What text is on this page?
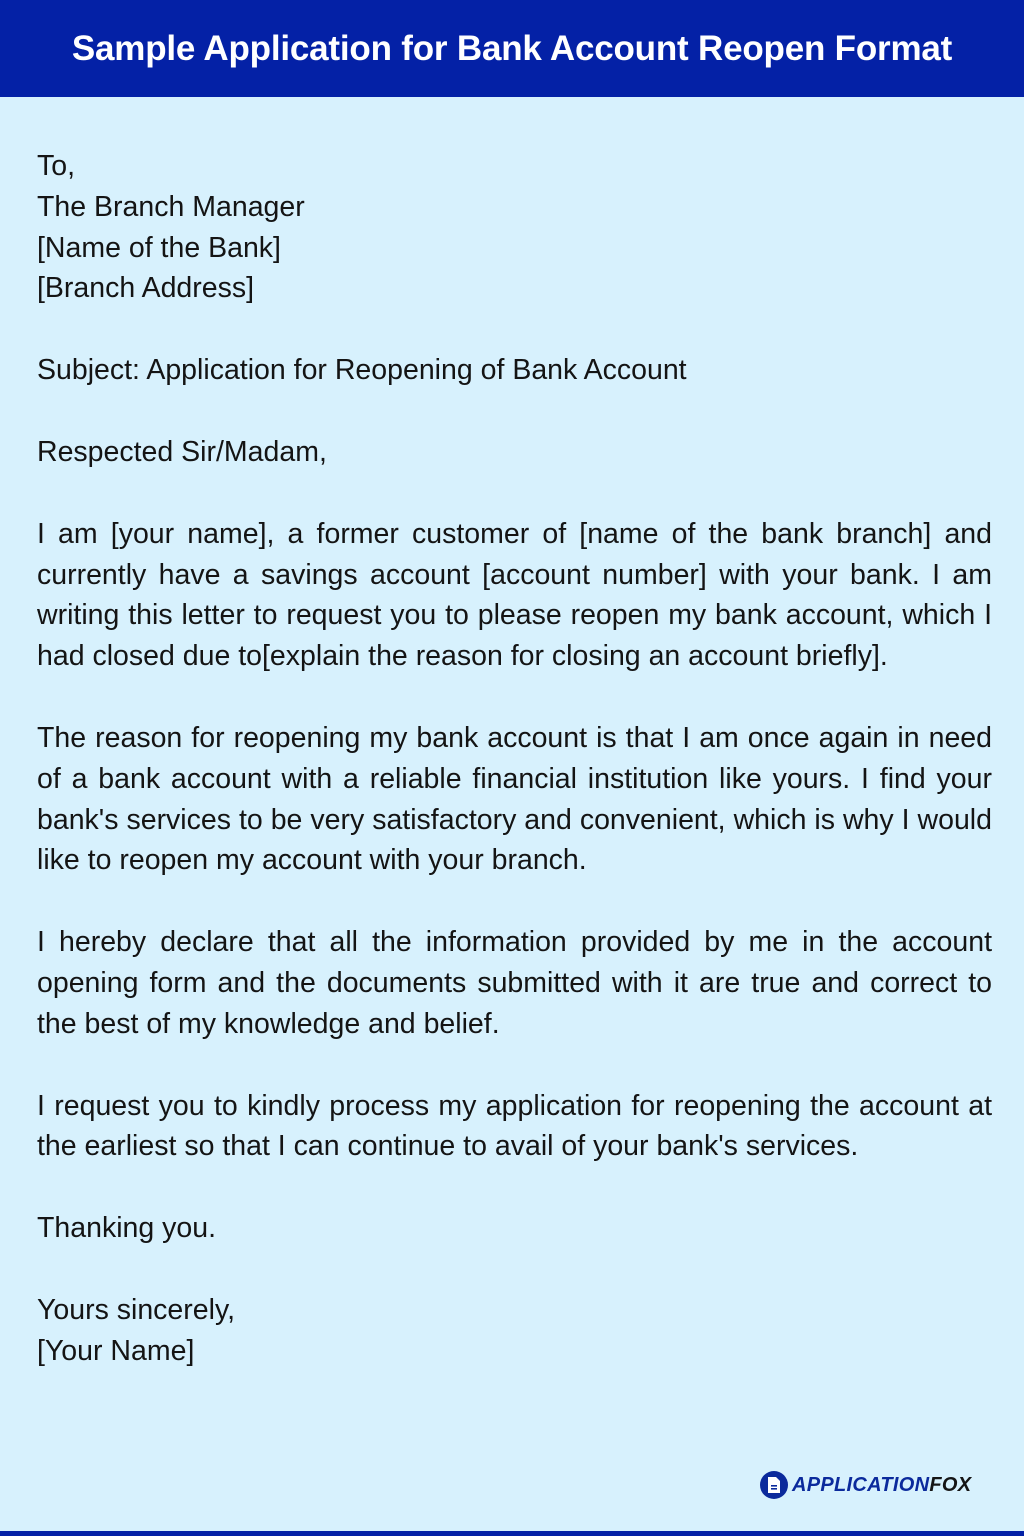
Sample Application for Bank Account Reopen Format
To,
The Branch Manager
[Name of the Bank]
[Branch Address]
Subject: Application for Reopening of Bank Account
Respected Sir/Madam,

I am [your name], a former customer of [name of the bank branch] and currently have a savings account [account number] with your bank. I am writing this letter to request you to please reopen my bank account, which I had closed due to[explain the reason for closing an account briefly].

The reason for reopening my bank account is that I am once again in need of a bank account with a reliable financial institution like yours. I find your bank's services to be very satisfactory and convenient, which is why I would like to reopen my account with your branch.

I hereby declare that all the information provided by me in the account opening form and the documents submitted with it are true and correct to the best of my knowledge and belief.

I request you to kindly process my application for reopening the account at the earliest so that I can continue to avail of your bank's services.

Thanking you.
Yours sincerely,
[Your Name]
APPLICATIONFOX
